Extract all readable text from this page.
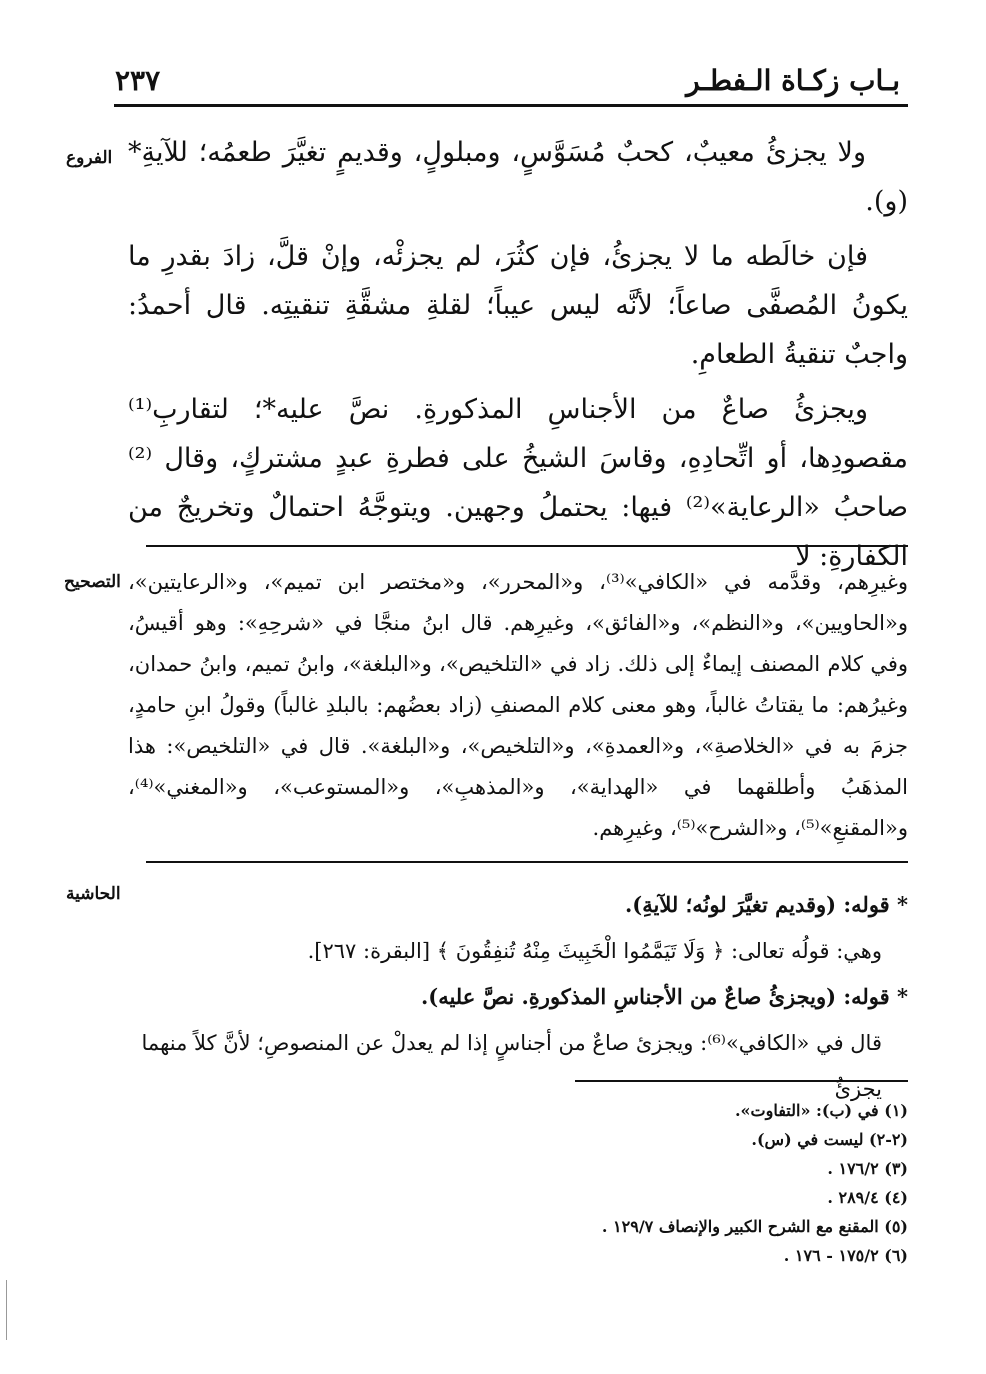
بـاب زكـاة الـفطـر
٢٣٧
الفروع
التصحيح
الحاشية

ولا يجزئُ معيبٌ، كحبٌ مُسَوَّسٍ، ومبلولٍ، وقديمٍ تغيَّرَ طعمُه؛ للآيةِ* (و).

فإن خالَطه ما لا يجزئُ، فإن كثُرَ، لم يجزئْه، وإنْ قلَّ، زادَ بقدرِ ما يكونُ المُصفَّى صاعاً؛ لأنَّه ليس عيباً؛ لقلةِ مشقَّةِ تنقيتِه. قال أحمدُ: واجبٌ تنقيةُ الطعامِ.

ويجزئُ صاعٌ من الأجناسِ المذكورةِ. نصَّ عليه*؛ لتقاربِ⁽¹⁾ مقصودِها، أو اتِّحادِهِ، وقاسَ الشيخُ على فطرةِ عبدٍ مشتركٍ، وقال ⁽²⁾صاحبُ «الرعاية»⁽²⁾ فيها: يحتملُ وجهين. ويتوجَّهُ احتمالٌ وتخريجٌ من الكفارةِ: لا

وغيرِهم، وقدَّمه في «الكافي»⁽³⁾، و«المحرر»، و«مختصر ابن تميم»، و«الرعايتين»، و«الحاويين»، و«النظم»، و«الفائق»، وغيرِهم. قال ابنُ منجَّا في «شرحِهِ»: وهو أقيسُ، وفي كلام المصنف إيماءٌ إلى ذلك. زاد في «التلخيص»، و«البلغة»، وابنُ تميم، وابنُ حمدان، وغيرُهم: ما يقتاتُ غالباً، وهو معنى كلام المصنفِ (زاد بعضُهم: بالبلدِ غالباً) وقولُ ابنِ حامدٍ، جزمَ به في «الخلاصةِ»، و«العمدةِ»، و«التلخيص»، و«البلغة». قال في «التلخيص»: هذا المذهَبُ وأطلقهما في «الهداية»، و«المذهبِ»، و«المستوعب»، و«المغني»⁽⁴⁾، و«المقنعِ»⁽⁵⁾، و«الشرح»⁽⁵⁾، وغيرِهم.

* قوله: (وقديم تغيَّرَ لونُه؛ للآيةِ).
وهي: قولُه تعالى: ﴿ وَلَا تَيَمَّمُوا الْخَبِيثَ مِنْهُ تُنفِقُونَ ﴾ [البقرة: ٢٦٧].
* قوله: (ويجزئُ صاعٌ من الأجناسِ المذكورةِ. نصَّ عليه).
قال في «الكافي»⁽⁶⁾: ويجزئ صاعٌ من أجناسٍ إذا لم يعدلْ عن المنصوصِ؛ لأنَّ كلاً منهما يجزئُ
(١) في (ب): «التفاوت».
(٢-٢) ليست في (س).
(٣) ١٧٦/٢ .
(٤) ٢٨٩/٤ .
(٥) المقنع مع الشرح الكبير والإنصاف ١٢٩/٧ .
(٦) ١٧٥/٢ - ١٧٦ .
